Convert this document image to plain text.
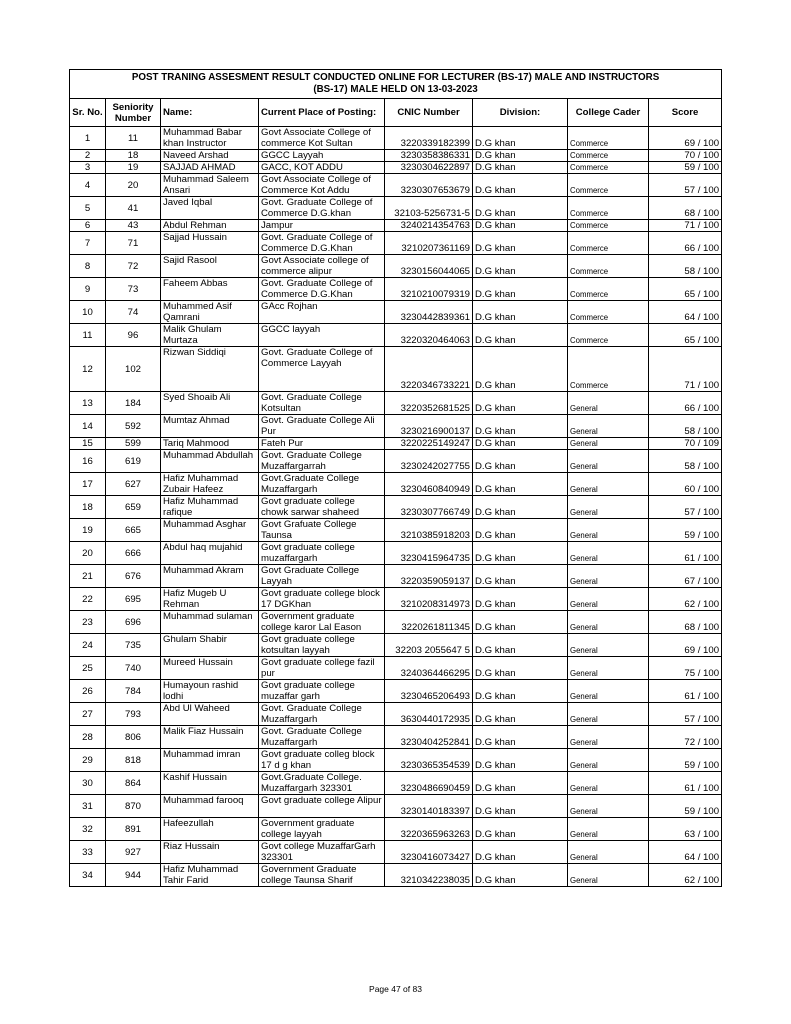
POST TRANING ASSESMENT RESULT CONDUCTED ONLINE FOR LECTURER (BS-17) MALE AND INSTRUCTORS
(BS-17) MALE HELD ON 13-03-2023							

Sr. No.	Seniority Number	Name:	Current Place of Posting:	CNIC Number	Division:	College Cader	Score
1	11	Muhammad Babar khan Instructor	Govt Associate College of commerce Kot Sultan	3220339182399	D.G khan	Commerce	69 / 100
2	18	Naveed Arshad	GGCC Layyah	3230358386331	D.G khan	Commerce	70 / 100
3	19	SAJJAD AHMAD	GACC, KOT ADDU	3230304622897	D.G khan	Commerce	59 / 100
4	20	Muhammad Saleem Ansari	Govt Associate College of Commerce Kot Addu	3230307653679	D.G khan	Commerce	57 / 100
5	41	Javed Iqbal	Govt. Graduate College of Commerce D.G.khan	32103-5256731-5	D.G khan	Commerce	68 / 100
6	43	Abdul Rehman	Jampur	3240214354763	D.G khan	Commerce	71 / 100
7	71	Sajjad Hussain	Govt. Graduate College of Commerce D.G.Khan	3210207361169	D.G khan	Commerce	66 / 100
8	72	Sajid Rasool	Govt Associate college of commerce alipur	3230156044065	D.G khan	Commerce	58 / 100
9	73	Faheem Abbas	Govt. Graduate College of Commerce D.G.Khan	3210210079319	D.G khan	Commerce	65 / 100
10	74	Muhammed Asif Qamrani	GAcc Rojhan	3230442839361	D.G khan	Commerce	64 / 100
11	96	Malik Ghulam Murtaza	GGCC layyah	3220320464063	D.G khan	Commerce	65 / 100
12	102	Rizwan Siddiqi	Govt. Graduate College of Commerce Layyah	3220346733221	D.G khan	Commerce	71 / 100
13	184	Syed Shoaib Ali	Govt. Graduate College Kotsultan	3220352681525	D.G khan	General	66 / 100
14	592	Mumtaz Ahmad	Govt. Graduate College Ali Pur	3230216900137	D.G khan	General	58 / 100
15	599	Tariq Mahmood	Fateh Pur	3220225149247	D.G khan	General	70 / 109
16	619	Muhammad Abdullah	Govt. Graduate College Muzaffargarrah	3230242027755	D.G khan	General	58 / 100
17	627	Hafiz Muhammad Zubair Hafeez	Govt.Graduate College Muzaffargarh	3230460840949	D.G khan	General	60 / 100
18	659	Hafiz Muhammad rafique	Govt graduate college chowk sarwar shaheed	3230307766749	D.G khan	General	57 / 100
19	665	Muhammad Asghar	Govt Grafuate College Taunsa	3210385918203	D.G khan	General	59 / 100
20	666	Abdul haq mujahid	Govt graduate college muzaffargarh	3230415964735	D.G khan	General	61 / 100
21	676	Muhammad Akram	Govt Graduate College Layyah	3220359059137	D.G khan	General	67 / 100
22	695	Hafiz Mugeb U Rehman	Govt graduate college block 17 DGKhan	3210208314973	D.G khan	General	62 / 100
23	696	Muhammad sulaman	Government graduate college karor Lal Eason	3220261811345	D.G khan	General	68 / 100
24	735	Ghulam Shabir	Govt graduate college kotsultan layyah	32203 2055647 5	D.G khan	General	69 / 100
25	740	Mureed Hussain	Govt graduate college fazil pur	3240364466295	D.G khan	General	75 / 100
26	784	Humayoun rashid lodhi	Govt graduate college muzaffar garh	3230465206493	D.G khan	General	61 / 100
27	793	Abd Ul Waheed	Govt. Graduate College Muzaffargarh	3630440172935	D.G khan	General	57 / 100
28	806	Malik Fiaz Hussain	Govt. Graduate College Muzaffargarh	3230404252841	D.G khan	General	72 / 100
29	818	Muhammad imran	Govt graduate colleg block 17 d g khan	3230365354539	D.G khan	General	59 / 100
30	864	Kashif Hussain	Govt.Graduate College. Muzaffargarh 323301	3230486690459	D.G khan	General	61 / 100
31	870	Muhammad farooq	Govt graduate college Alipur	3230140183397	D.G khan	General	59 / 100
32	891	Hafeezullah	Government graduate college layyah	3220365963263	D.G khan	General	63 / 100
33	927	Riaz Hussain	Govt college MuzaffarGarh 323301	3230416073427	D.G khan	General	64 / 100
34	944	Hafiz Muhammad Tahir Farid	Government Graduate college Taunsa Sharif	3210342238035	D.G khan	General	62 / 100
Page 47 of 83
